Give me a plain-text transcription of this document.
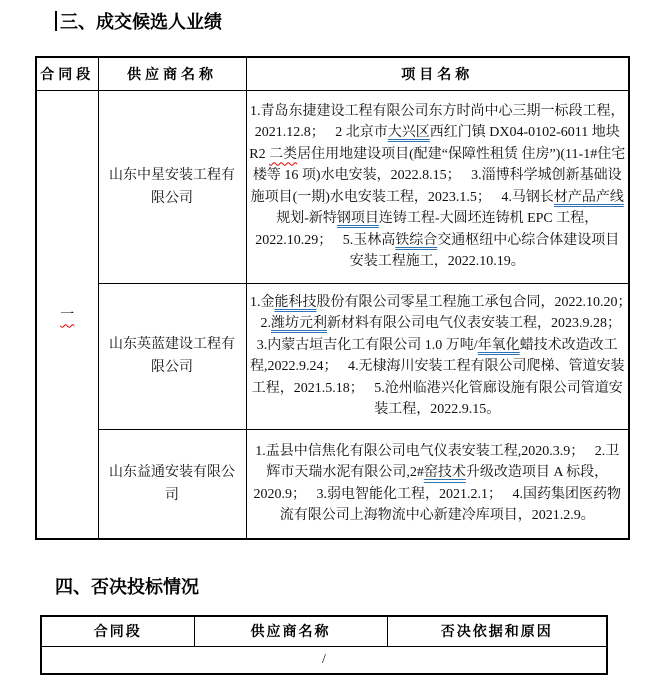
三、成交候选人业绩
合同段	供应商名称	项目名称
一	山东中星安装工程有限公司	1.青岛东捷建设工程有限公司东方时尚中心三期一标段工程，2021.12.8；　 2 北京市大兴区西红门镇 DX04-0102-6011 地块 R2 二类居住用地建设项目(配建“保障性租赁 住房”)(11-1#住宅楼等 16 项)水电安装，2022.8.15；　 3.淄博科学城创新基础设施项目(一期)水电安装工程，2023.1.5；　 4.马钢长材产品产线规划-新特钢项目连铸工程-大圆坯连铸机 EPC 工程，2022.10.29；　 5.玉林高铁综合交通枢纽中心综合体建设项目安装工程施工，2022.10.19。
	山东英蓝建设工程有限公司	1.金能科技股份有限公司零星工程施工承包合同，2022.10.20；　 2.潍坊元利新材料有限公司电气仪表安装工程，2023.9.28；　 3.内蒙古垣吉化工有限公司 1.0 万吨/年氧化蜡技术改造改工程,2022.9.24；　 4.无棣海川安装工程有限公司爬梯、管道安装工程，2021.5.18；　 5.沧州临港兴化管廊设施有限公司管道安装工程，2022.9.15。
	山东益通安装有限公司	1.盂县中信焦化有限公司电气仪表安装工程,2020.3.9；　 2.卫辉市天瑞水泥有限公司,2#窑技术升级改造项目 A 标段，2020.9；　 3.弱电智能化工程，2021.2.1；　 4.国药集团医药物流有限公司上海物流中心新建冷库项目，2021.2.9。
四、否决投标情况
合同段	供应商名称	否决依据和原因
/
